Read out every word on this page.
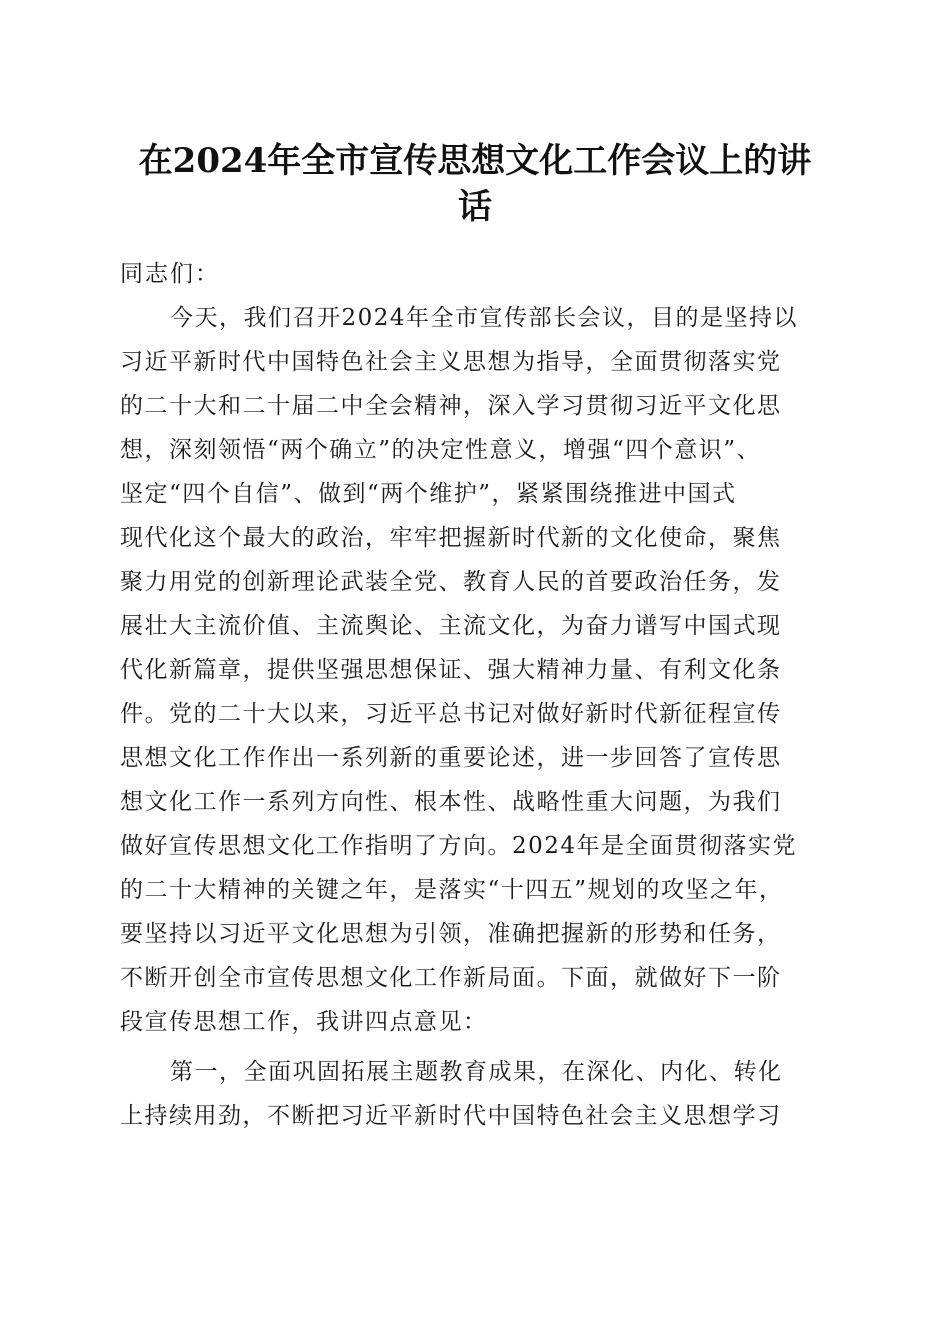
在2024年全市宣传思想文化工作会议上的讲
话
同志们：
今天，我们召开2024年全市宣传部长会议，目的是坚持以
习近平新时代中国特色社会主义思想为指导，全面贯彻落实党
的二十大和二十届二中全会精神，深入学习贯彻习近平文化思
想，深刻领悟“两个确立”的决定性意义，增强“四个意识”、
坚定“四个自信”、做到“两个维护”，紧紧围绕推进中国式
现代化这个最大的政治，牢牢把握新时代新的文化使命，聚焦
聚力用党的创新理论武装全党、教育人民的首要政治任务，发
展壮大主流价值、主流舆论、主流文化，为奋力谱写中国式现
代化新篇章，提供坚强思想保证、强大精神力量、有利文化条
件。党的二十大以来，习近平总书记对做好新时代新征程宣传
思想文化工作作出一系列新的重要论述，进一步回答了宣传思
想文化工作一系列方向性、根本性、战略性重大问题，为我们
做好宣传思想文化工作指明了方向。2024年是全面贯彻落实党
的二十大精神的关键之年，是落实“十四五”规划的攻坚之年，
要坚持以习近平文化思想为引领，准确把握新的形势和任务，
不断开创全市宣传思想文化工作新局面。下面，就做好下一阶
段宣传思想工作，我讲四点意见：
第一，全面巩固拓展主题教育成果，在深化、内化、转化
上持续用劲，不断把习近平新时代中国特色社会主义思想学习
